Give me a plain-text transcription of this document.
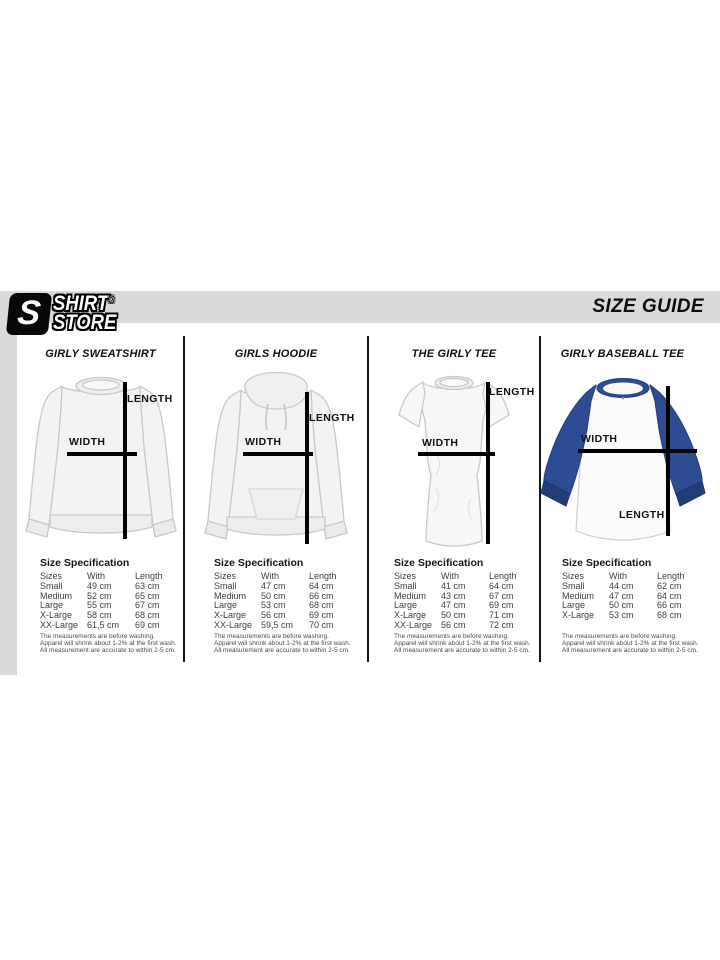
S SHIRT®
STORE
SIZE GUIDE
GIRLY SWEATSHIRT
WIDTH
LENGTH
Size Specification
Sizes	With	Length
Small	49 cm	63 cm
Medium	52 cm	65 cm
Large	55 cm	67 cm
X-Large	58 cm	68 cm
XX-Large 61,5 cm	69 cm
The measurements are before washing.
Apparel will shrink about 1-2% at the first wash.
All measurement are accurate to within 2-5 cm.
GIRLS HOODIE
WIDTH
LENGTH
Size Specification
Sizes	With	Length
Small	47 cm	64 cm
Medium	50 cm	66 cm
Large	53 cm	68 cm
X-Large	56 cm	69 cm
XX-Large 59,5 cm	70 cm
The measurements are before washing.
Apparel will shrink about 1-2% at the first wash.
All measurement are accurate to within 2-5 cm.
THE GIRLY TEE
WIDTH
LENGTH
Size Specification
Sizes	With	Length
Small	41 cm	64 cm
Medium	43 cm	67 cm
Large	47 cm	69 cm
X-Large	50 cm	71 cm
XX-Large 56 cm	72 cm
The measurements are before washing.
Apparel will shrink about 1-2% at the first wash.
All measurement are accurate to within 2-5 cm.
GIRLY BASEBALL TEE
WIDTH
LENGTH
Size Specification
Sizes	With	Length
Small	44 cm	62 cm
Medium	47 cm	64 cm
Large	50 cm	66 cm
X-Large	53 cm	68 cm
The measurements are before washing.
Apparel will shrink about 1-2% at the first wash.
All measurement are accurate to within 2-5 cm.
